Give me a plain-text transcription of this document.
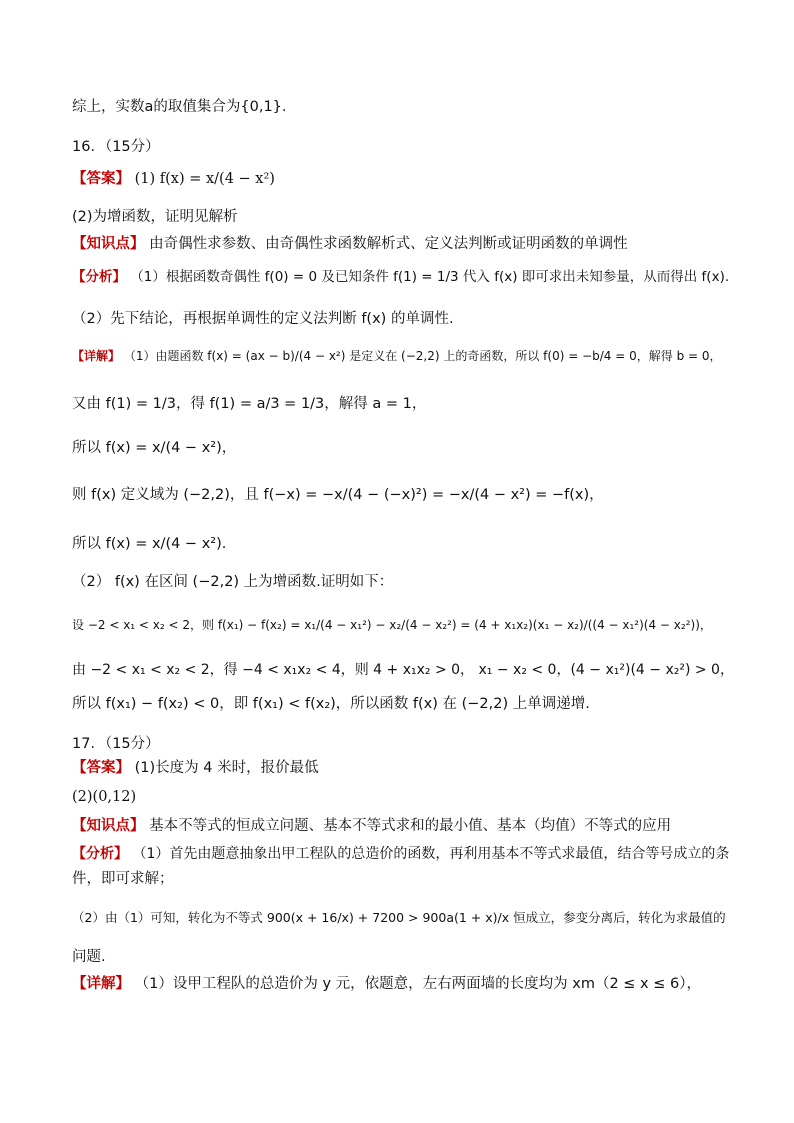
综上，实数a的取值集合为{0,1}.
16．（15分）
【答案】 (1) f(x) = x/(4 − x²)
(2)为增函数，证明见解析
【知识点】 由奇偶性求参数、由奇偶性求函数解析式、定义法判断或证明函数的单调性
【分析】 （1）根据函数奇偶性 f(0) = 0 及已知条件 f(1) = 1/3 代入 f(x) 即可求出未知参量，从而得出 f(x).
（2）先下结论，再根据单调性的定义法判断 f(x) 的单调性.
【详解】 （1）由题函数 f(x) = (ax − b)/(4 − x²) 是定义在 (−2,2) 上的奇函数，所以 f(0) = −b/4 = 0，解得 b = 0，
又由 f(1) = 1/3，得 f(1) = a/3 = 1/3，解得 a = 1，
所以 f(x) = x/(4 − x²)，
则 f(x) 定义域为 (−2,2)，且 f(−x) = −x/(4 − (−x)²) = −x/(4 − x²) = −f(x)，
所以 f(x) = x/(4 − x²).
（2） f(x) 在区间 (−2,2) 上为增函数.证明如下：
设 −2 < x₁ < x₂ < 2，则 f(x₁) − f(x₂) = x₁/(4 − x₁²) − x₂/(4 − x₂²) = (4 + x₁x₂)(x₁ − x₂)/((4 − x₁²)(4 − x₂²))，
由 −2 < x₁ < x₂ < 2，得 −4 < x₁x₂ < 4，则 4 + x₁x₂ > 0， x₁ − x₂ < 0，(4 − x₁²)(4 − x₂²) > 0，
所以 f(x₁) − f(x₂) < 0，即 f(x₁) < f(x₂)，所以函数 f(x) 在 (−2,2) 上单调递增.
17．（15分）
【答案】 (1)长度为 4 米时，报价最低
(2)(0,12)
【知识点】 基本不等式的恒成立问题、基本不等式求和的最小值、基本（均值）不等式的应用
【分析】 （1）首先由题意抽象出甲工程队的总造价的函数，再利用基本不等式求最值，结合等号成立的条
件，即可求解；
（2）由（1）可知，转化为不等式 900(x + 16/x) + 7200 > 900a(1 + x)/x 恒成立，参变分离后，转化为求最值的
问题.
【详解】 （1）设甲工程队的总造价为 y 元，依题意，左右两面墙的长度均为 xm（2 ≤ x ≤ 6），
